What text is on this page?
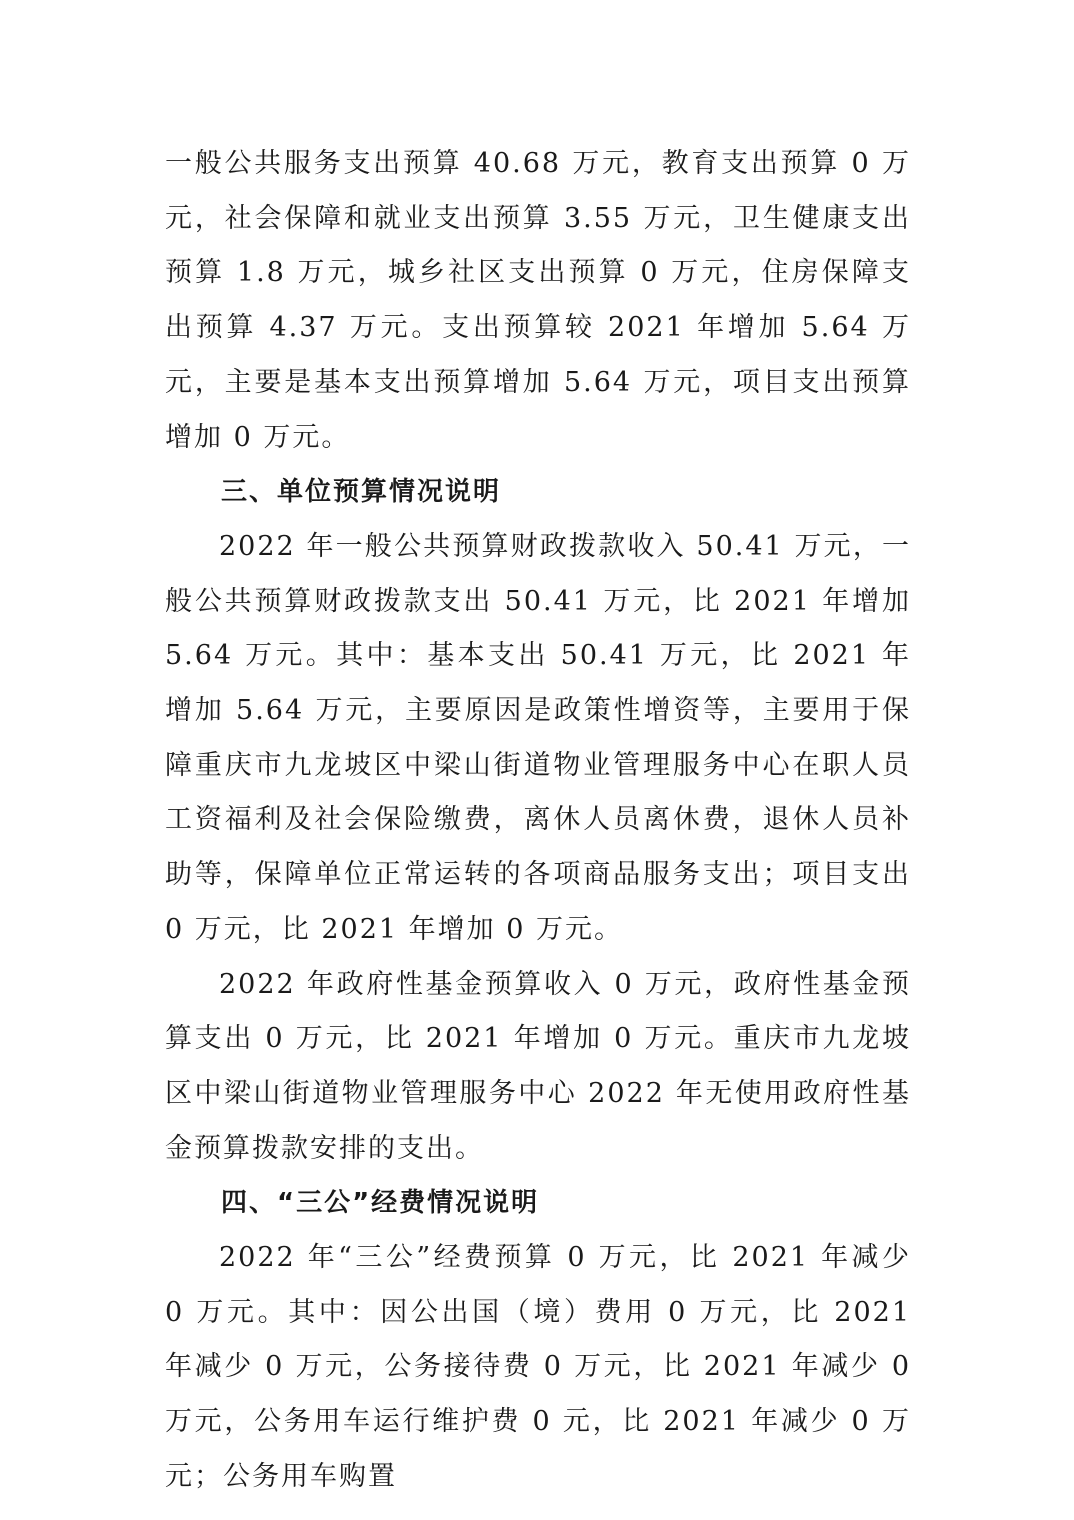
一般公共服务支出预算 40.68 万元，教育支出预算 0 万元，社会保障和就业支出预算 3.55 万元，卫生健康支出预算 1.8 万元，城乡社区支出预算 0 万元，住房保障支出预算 4.37 万元。支出预算较 2021 年增加 5.64 万元，主要是基本支出预算增加 5.64 万元，项目支出预算增加 0 万元。

三、单位预算情况说明

2022 年一般公共预算财政拨款收入 50.41 万元，一般公共预算财政拨款支出 50.41 万元，比 2021 年增加 5.64 万元。其中：基本支出 50.41 万元，比 2021 年增加 5.64 万元，主要原因是政策性增资等，主要用于保障重庆市九龙坡区中梁山街道物业管理服务中心在职人员工资福利及社会保险缴费，离休人员离休费，退休人员补助等，保障单位正常运转的各项商品服务支出；项目支出 0 万元，比 2021 年增加 0 万元。

2022 年政府性基金预算收入 0 万元，政府性基金预算支出 0 万元，比 2021 年增加 0 万元。重庆市九龙坡区中梁山街道物业管理服务中心 2022 年无使用政府性基金预算拨款安排的支出。

四、“三公”经费情况说明

2022 年“三公”经费预算 0 万元，比 2021 年减少 0 万元。其中：因公出国（境）费用 0 万元，比 2021 年减少 0 万元，公务接待费 0 万元，比 2021 年减少 0 万元，公务用车运行维护费 0 元，比 2021 年减少 0 万元；公务用车购置
